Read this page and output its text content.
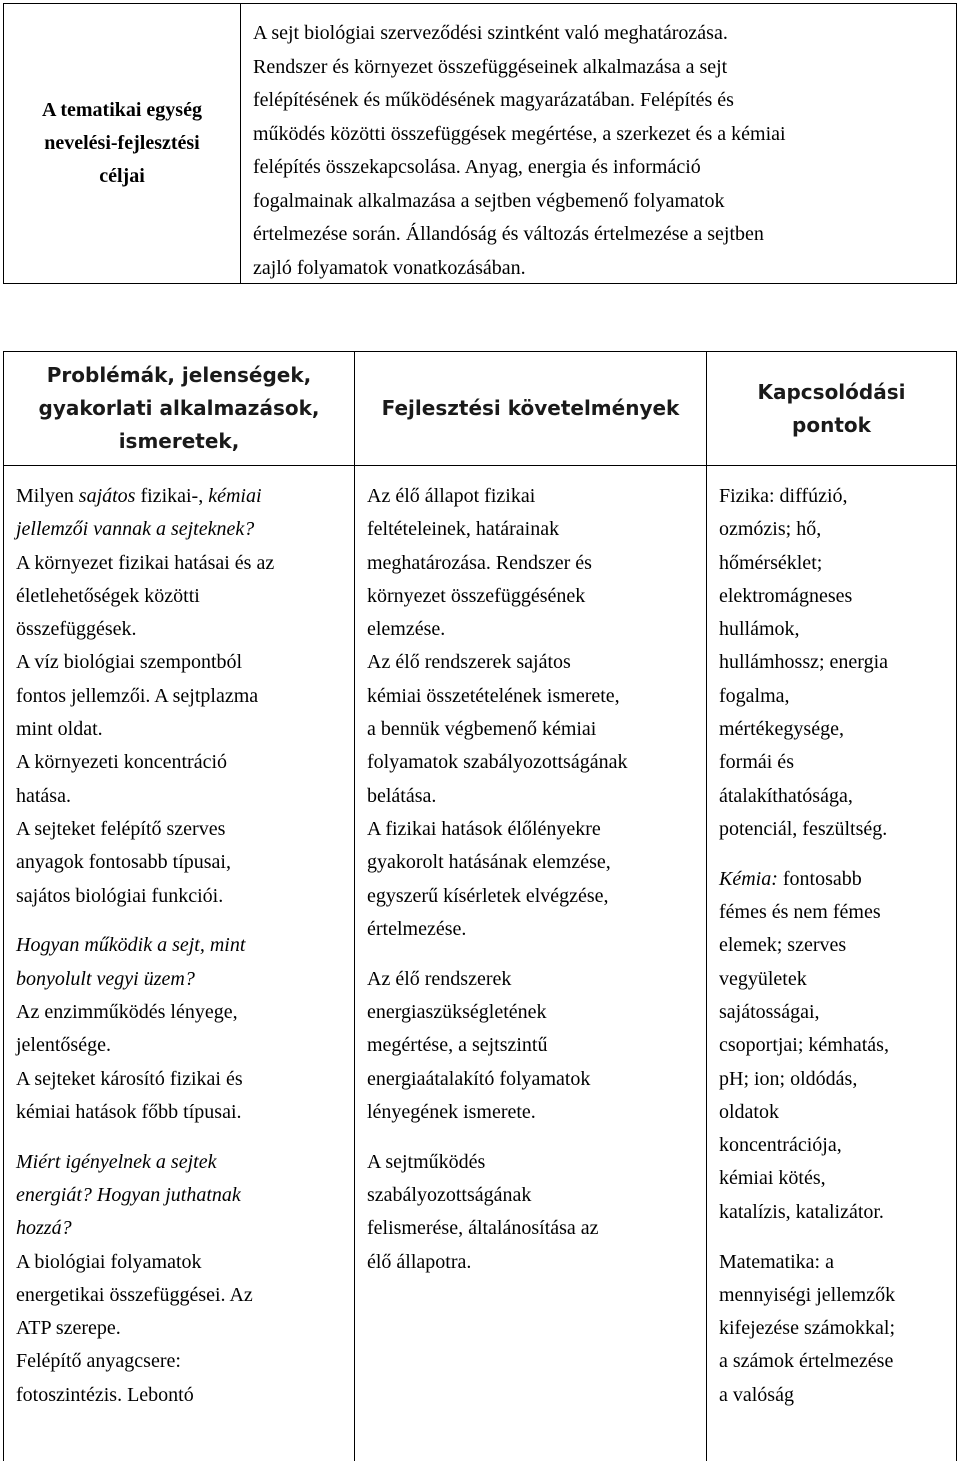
A tematikai egység
nevelési-fejlesztési
céljai
A sejt biológiai szerveződési szintként való meghatározása.
Rendszer és környezet összefüggéseinek alkalmazása a sejt
felépítésének és működésének magyarázatában. Felépítés és
működés közötti összefüggések megértése, a szerkezet és a kémiai
felépítés összekapcsolása. Anyag, energia és információ
fogalmainak alkalmazása a sejtben végbemenő folyamatok
értelmezése során. Állandóság és változás értelmezése a sejtben
zajló folyamatok vonatkozásában.
Problémák, jelenségek,
gyakorlati alkalmazások,
ismeretek,
Milyen sajátos fizikai-, kémiai
jellemzői vannak a sejteknek?
A környezet fizikai hatásai és az
életlehetőségek közötti
összefüggések.
A víz biológiai szempontból
fontos jellemzői. A sejtplazma
mint oldat.
A környezeti koncentráció
hatása.
A sejteket felépítő szerves
anyagok fontosabb típusai,
sajátos biológiai funkciói.
Hogyan működik a sejt, mint
bonyolult vegyi üzem?
Az enzimműködés lényege,
jelentősége.
A sejteket károsító fizikai és
kémiai hatások főbb típusai.
Miért igényelnek a sejtek
energiát? Hogyan juthatnak
hozzá?
A biológiai folyamatok
energetikai összefüggései. Az
ATP szerepe.
Felépítő anyagcsere:
fotoszintézis. Lebontó
Fejlesztési követelmények
Az élő állapot fizikai
feltételeinek, határainak
meghatározása. Rendszer és
környezet összefüggésének
elemzése.
Az élő rendszerek sajátos
kémiai összetételének ismerete,
a bennük végbemenő kémiai
folyamatok szabályozottságának
belátása.
A fizikai hatások élőlényekre
gyakorolt hatásának elemzése,
egyszerű kísérletek elvégzése,
értelmezése.
Az élő rendszerek
energiaszükségletének
megértése, a sejtszintű
energiaátalakító folyamatok
lényegének ismerete.
A sejtműködés
szabályozottságának
felismerése, általánosítása az
élő állapotra.
Kapcsolódási
pontok
Fizika: diffúzió,
ozmózis; hő,
hőmérséklet;
elektromágneses
hullámok,
hullámhossz; energia
fogalma,
mértékegysége,
formái és
átalakíthatósága,
potenciál, feszültség.
Kémia: fontosabb
fémes és nem fémes
elemek; szerves
vegyületek
sajátosságai,
csoportjai; kémhatás,
pH; ion; oldódás,
oldatok
koncentrációja,
kémiai kötés,
katalízis, katalizátor.
Matematika: a
mennyiségi jellemzők
kifejezése számokkal;
a számok értelmezése
a valóság
